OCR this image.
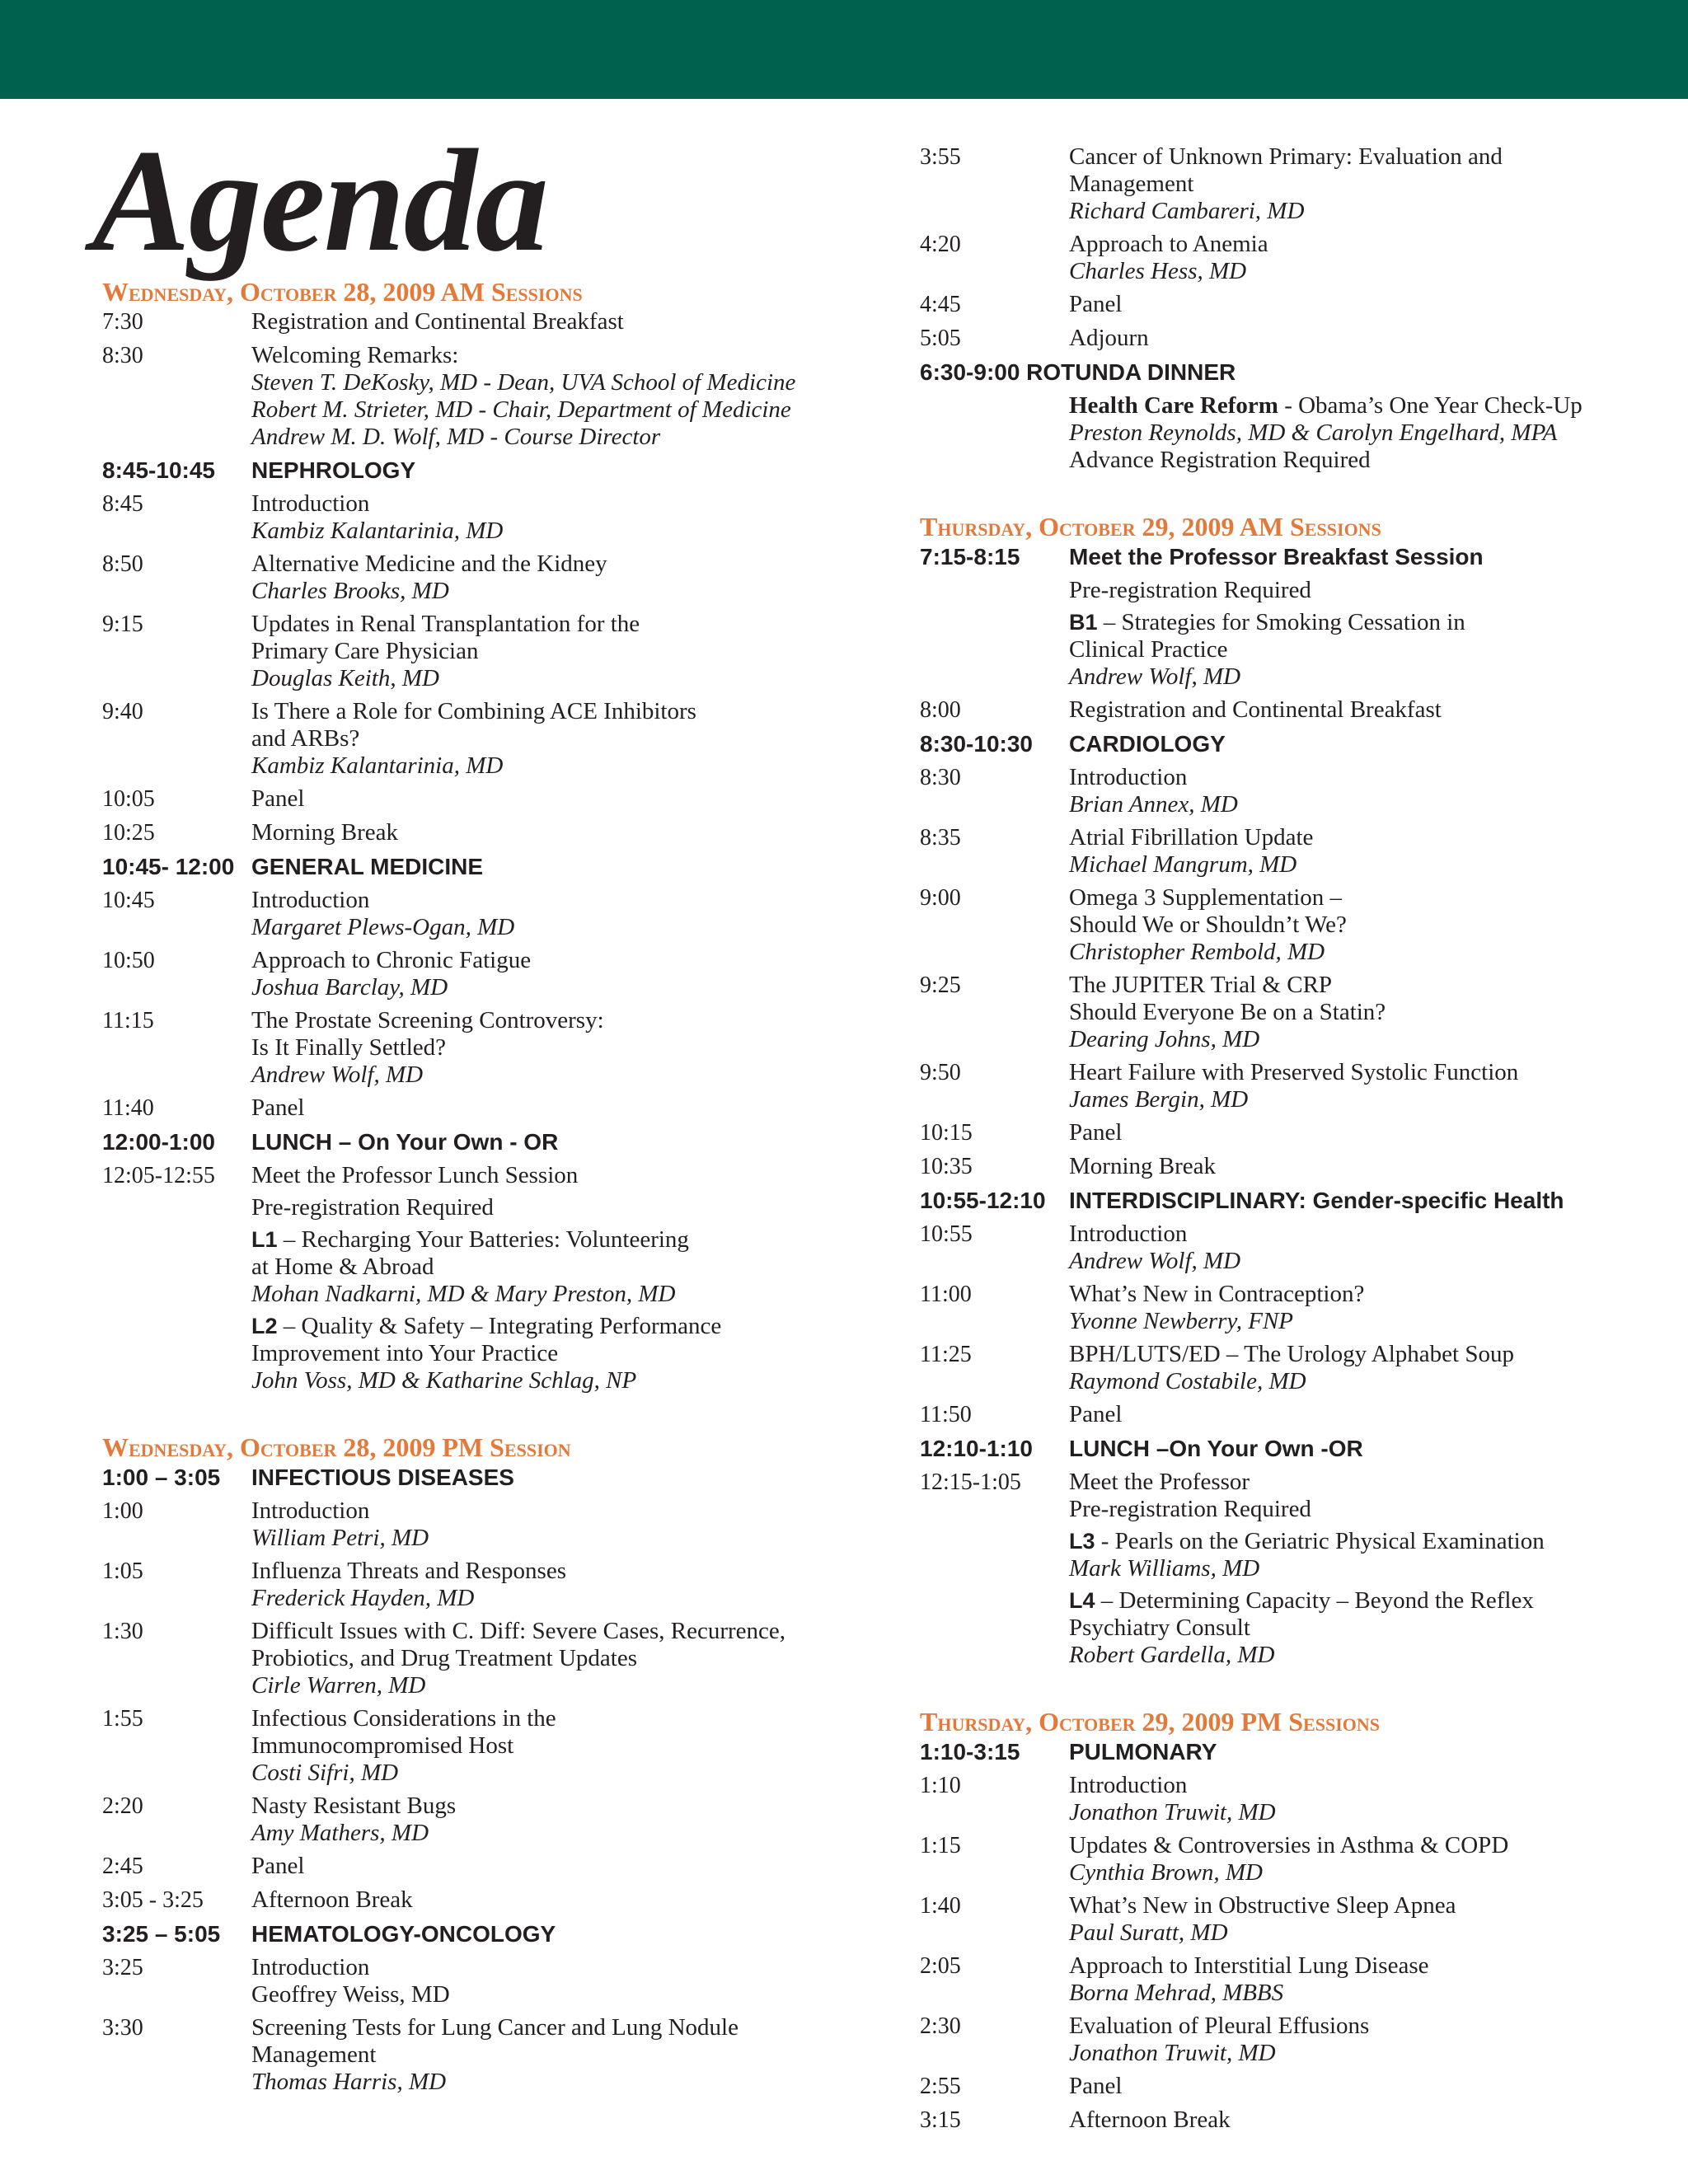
Agenda
Wednesday, October 28, 2009 AM Sessions
7:30	Registration and Continental Breakfast
8:30	Welcoming Remarks:
Steven T. DeKosky, MD - Dean, UVA School of Medicine
Robert M. Strieter, MD - Chair, Department of Medicine
Andrew M. D. Wolf, MD - Course Director
8:45-10:45	NEPHROLOGY
8:45	Introduction
Kambiz Kalantarinia, MD
8:50	Alternative Medicine and the Kidney
Charles Brooks, MD
9:15	Updates in Renal Transplantation for the
Primary Care Physician
Douglas Keith, MD
9:40	Is There a Role for Combining ACE Inhibitors
and ARBs?
Kambiz Kalantarinia, MD
10:05	Panel
10:25	Morning Break
10:45- 12:00 GENERAL MEDICINE
10:45	Introduction
Margaret Plews-Ogan, MD
10:50	Approach to Chronic Fatigue
Joshua Barclay, MD
11:15	The Prostate Screening Controversy:
Is It Finally Settled?
Andrew Wolf, MD
11:40	Panel
12:00-1:00	LUNCH – On Your Own - OR
12:05-12:55	Meet the Professor Lunch Session
Pre-registration Required
L1 – Recharging Your Batteries: Volunteering
at Home & Abroad
Mohan Nadkarni, MD & Mary Preston, MD
L2 – Quality & Safety – Integrating Performance
Improvement into Your Practice
John Voss, MD & Katharine Schlag, NP
Wednesday, October 28, 2009 PM Session
1:00 – 3:05	INFECTIOUS DISEASES
1:00	Introduction
William Petri, MD
1:05	Influenza Threats and Responses
Frederick Hayden, MD
1:30	Difficult Issues with C. Diff: Severe Cases, Recurrence,
Probiotics, and Drug Treatment Updates
Cirle Warren, MD
1:55	Infectious Considerations in the
Immunocompromised Host
Costi Sifri, MD
2:20	Nasty Resistant Bugs
Amy Mathers, MD
2:45	Panel
3:05 - 3:25	Afternoon Break
3:25 – 5:05	HEMATOLOGY-ONCOLOGY
3:25	Introduction
Geoffrey Weiss, MD
3:30	Screening Tests for Lung Cancer and Lung Nodule
Management
Thomas Harris, MD
3:55	Cancer of Unknown Primary: Evaluation and
Management
Richard Cambareri, MD
4:20	Approach to Anemia
Charles Hess, MD
4:45	Panel
5:05	Adjourn
6:30-9:00 ROTUNDA DINNER
Health Care Reform - Obama’s One Year Check-Up
Preston Reynolds, MD & Carolyn Engelhard, MPA
Advance Registration Required
Thursday, October 29, 2009 AM Sessions
7:15-8:15	Meet the Professor Breakfast Session
Pre-registration Required
B1 – Strategies for Smoking Cessation in
Clinical Practice
Andrew Wolf, MD
8:00	Registration and Continental Breakfast
8:30-10:30	CARDIOLOGY
8:30	Introduction
Brian Annex, MD
8:35	Atrial Fibrillation Update
Michael Mangrum, MD
9:00	Omega 3 Supplementation –
Should We or Shouldn’t We?
Christopher Rembold, MD
9:25	The JUPITER Trial & CRP
Should Everyone Be on a Statin?
Dearing Johns, MD
9:50	Heart Failure with Preserved Systolic Function
James Bergin, MD
10:15	Panel
10:35	Morning Break
10:55-12:10	INTERDISCIPLINARY: Gender-specific Health
10:55	Introduction
Andrew Wolf, MD
11:00	What’s New in Contraception?
Yvonne Newberry, FNP
11:25	BPH/LUTS/ED – The Urology Alphabet Soup
Raymond Costabile, MD
11:50	Panel
12:10-1:10	LUNCH –On Your Own -OR
12:15-1:05	Meet the Professor
Pre-registration Required
L3 - Pearls on the Geriatric Physical Examination
Mark Williams, MD
L4 – Determining Capacity – Beyond the Reflex
Psychiatry Consult
Robert Gardella, MD
Thursday, October 29, 2009 PM Sessions
1:10-3:15	PULMONARY
1:10	Introduction
Jonathon Truwit, MD
1:15	Updates & Controversies in Asthma & COPD
Cynthia Brown, MD
1:40	What’s New in Obstructive Sleep Apnea
Paul Suratt, MD
2:05	Approach to Interstitial Lung Disease
Borna Mehrad, MBBS
2:30	Evaluation of Pleural Effusions
Jonathon Truwit, MD
2:55	Panel
3:15	Afternoon Break
